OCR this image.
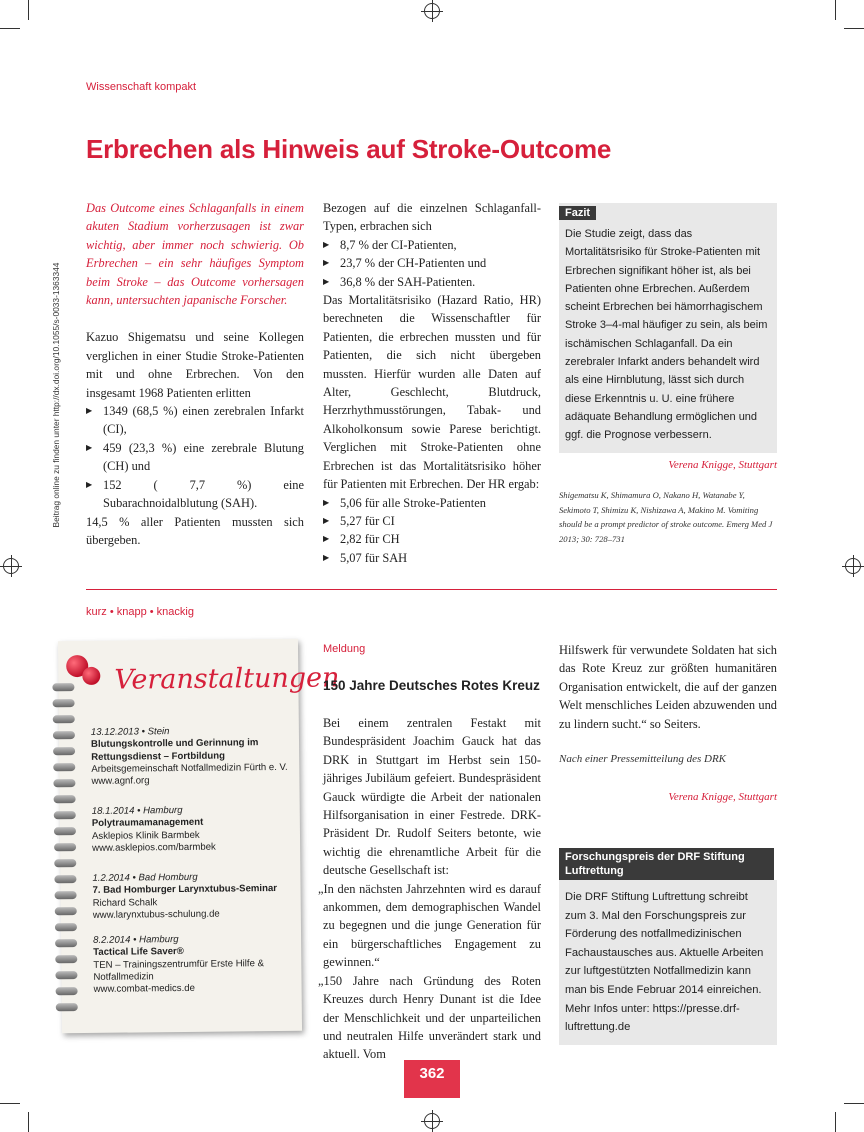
Beitrag online zu finden unter http://dx.doi.org/10.1055/s-0033-1363344
Wissenschaft kompakt
Erbrechen als Hinweis auf Stroke-Outcome
Das Outcome eines Schlaganfalls in einem akuten Stadium vorherzusagen ist zwar wichtig, aber immer noch schwierig. Ob Erbrechen – ein sehr häufiges Symptom beim Stroke – das Outcome vorhersagen kann, untersuchten japanische Forscher.
Kazuo Shigematsu und seine Kollegen verglichen in einer Studie Stroke-Patienten mit und ohne Erbrechen. Von den insgesamt 1968 Patienten erlitten
▶ 1349 (68,5 %) einen zerebralen Infarkt (CI),
▶ 459 (23,3 %) eine zerebrale Blutung (CH) und
▶ 152 ( 7,7 %) eine Subarachnoidalblutung (SAH).
14,5 % aller Patienten mussten sich übergeben.
Bezogen auf die einzelnen Schlaganfall-Typen, erbrachen sich
▶ 8,7 % der CI-Patienten,
▶ 23,7 % der CH-Patienten und
▶ 36,8 % der SAH-Patienten.
Das Mortalitätsrisiko (Hazard Ratio, HR) berechneten die Wissenschaftler für Patienten, die erbrechen mussten und für Patienten, die sich nicht übergeben mussten. Hierfür wurden alle Daten auf Alter, Geschlecht, Blutdruck, Herzrhythmusstörungen, Tabak- und Alkoholkonsum sowie Parese berichtigt. Verglichen mit Stroke-Patienten ohne Erbrechen ist das Mortalitätsrisiko höher für Patienten mit Erbrechen. Der HR ergab:
▶ 5,06 für alle Stroke-Patienten
▶ 5,27 für CI
▶ 2,82 für CH
▶ 5,07 für SAH
Fazit
Die Studie zeigt, dass das Mortalitätsrisiko für Stroke-Patienten mit Erbrechen signifikant höher ist, als bei Patienten ohne Erbrechen. Außerdem scheint Erbrechen bei hämorrhagischem Stroke 3–4-mal häufiger zu sein, als beim ischämischen Schlaganfall. Da ein zerebraler Infarkt anders behandelt wird als eine Hirnblutung, lässt sich durch diese Erkenntnis u. U. eine frühere adäquate Behandlung ermöglichen und ggf. die Prognose verbessern.
Verena Knigge, Stuttgart
Shigematsu K, Shimamura O, Nakano H, Watanabe Y, Sekimoto T, Shimizu K, Nishizawa A, Makino M. Vomiting should be a prompt predictor of stroke outcome. Emerg Med J 2013; 30: 728–731
kurz • knapp • knackig
Veranstaltungen
13.12.2013 • Stein
Blutungskontrolle und Gerinnung im Rettungsdienst – Fortbildung
Arbeitsgemeinschaft Notfallmedizin Fürth e. V.
www.agnf.org
18.1.2014 • Hamburg
Polytraumamanagement
Asklepios Klinik Barmbek
www.asklepios.com/barmbek
1.2.2014 • Bad Homburg
7. Bad Homburger Larynxtubus-Seminar
Richard Schalk
www.larynxtubus-schulung.de
8.2.2014 • Hamburg
Tactical Life Saver®
TEN – Trainingszentrumfür Erste Hilfe & Notfallmedizin
www.combat-medics.de
Meldung
150 Jahre Deutsches Rotes Kreuz
Bei einem zentralen Festakt mit Bundespräsident Joachim Gauck hat das DRK in Stuttgart im Herbst sein 150-jähriges Jubiläum gefeiert. Bundespräsident Gauck würdigte die Arbeit der nationalen Hilfsorganisation in einer Festrede. DRK-Präsident Dr. Rudolf Seiters betonte, wie wichtig die ehrenamtliche Arbeit für die deutsche Gesellschaft ist:
„In den nächsten Jahrzehnten wird es darauf ankommen, dem demographischen Wandel zu begegnen und die junge Generation für ein bürgerschaftliches Engagement zu gewinnen.“
„150 Jahre nach Gründung des Roten Kreuzes durch Henry Dunant ist die Idee der Menschlichkeit und der unparteilichen und neutralen Hilfe unverändert stark und aktuell. Vom
Hilfswerk für verwundete Soldaten hat sich das Rote Kreuz zur größten humanitären Organisation entwickelt, die auf der ganzen Welt menschliches Leiden abzuwenden und zu lindern sucht.“ so Seiters.
Nach einer Pressemitteilung des DRK
Verena Knigge, Stuttgart
Forschungspreis der DRF Stiftung Luftrettung
Die DRF Stiftung Luftrettung schreibt zum 3. Mal den Forschungspreis zur Förderung des notfallmedizinischen Fachaustausches aus. Aktuelle Arbeiten zur luftgestützten Notfallmedizin kann man bis Ende Februar 2014 einreichen. Mehr Infos unter: https://presse.drf-luftrettung.de
362
